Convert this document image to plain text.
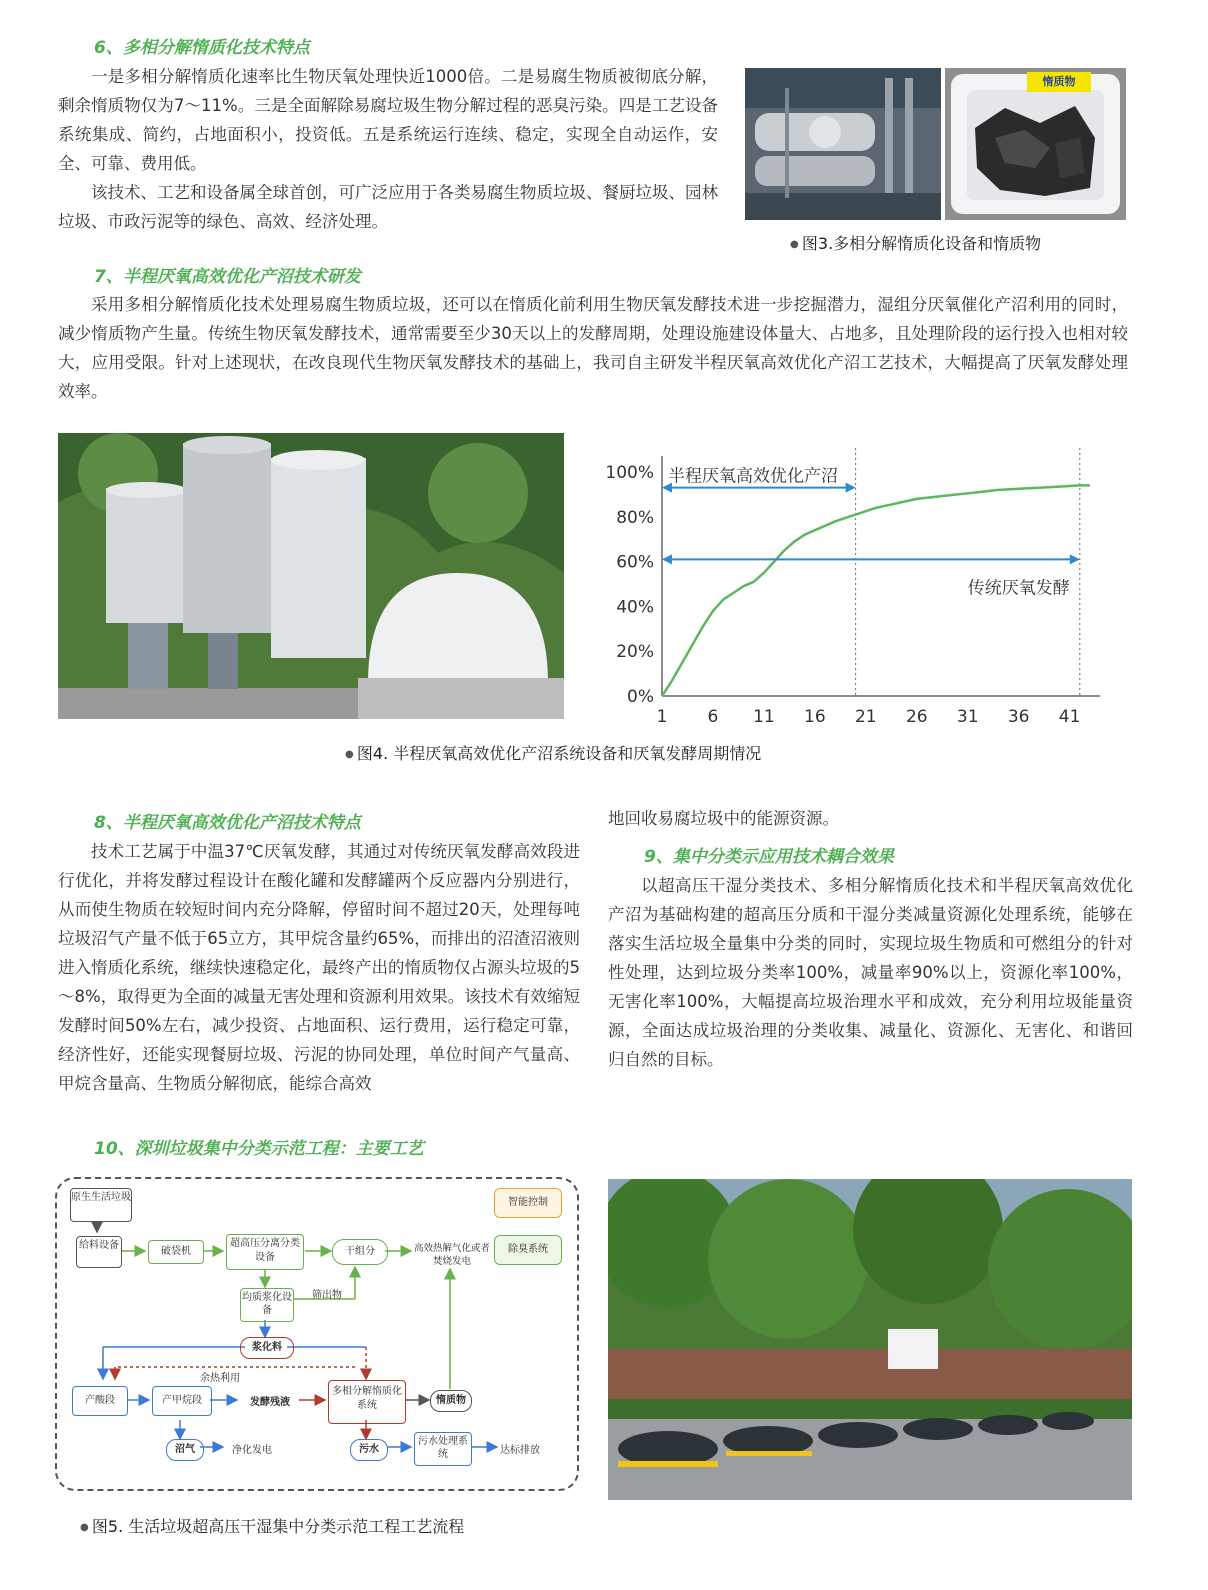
6、多相分解惰质化技术特点

一是多相分解惰质化速率比生物厌氧处理快近1000倍。二是易腐生物质被彻底分解，剩余惰质物仅为7～11%。三是全面解除易腐垃圾生物分解过程的恶臭污染。四是工艺设备系统集成、简约，占地面积小，投资低。五是系统运行连续、稳定，实现全自动运作，安全、可靠、费用低。

该技术、工艺和设备属全球首创，可广泛应用于各类易腐生物质垃圾、餐厨垃圾、园林垃圾、市政污泥等的绿色、高效、经济处理。

惰质物
● 图3.多相分解惰质化设备和惰质物
7、半程厌氧高效优化产沼技术研发

采用多相分解惰质化技术处理易腐生物质垃圾，还可以在惰质化前利用生物厌氧发酵技术进一步挖掘潜力，湿组分厌氧催化产沼利用的同时，减少惰质物产生量。传统生物厌氧发酵技术，通常需要至少30天以上的发酵周期，处理设施建设体量大、占地多，且处理阶段的运行投入也相对较大，应用受限。针对上述现状，在改良现代生物厌氧发酵技术的基础上，我司自主研发半程厌氧高效优化产沼工艺技术，大幅提高了厌氧发酵处理效率。

半程厌氧高效优化产沼
传统厌氧发酵
0%
20%
40%
60%
80%
100%
1 6 11 16 21 26 31 36 41
● 图4. 半程厌氧高效优化产沼系统设备和厌氧发酵周期情况
8、半程厌氧高效优化产沼技术特点

技术工艺属于中温37℃厌氧发酵，其通过对传统厌氧发酵高效段进行优化，并将发酵过程设计在酸化罐和发酵罐两个反应器内分别进行，从而使生物质在较短时间内充分降解，停留时间不超过20天，处理每吨垃圾沼气产量不低于65立方，其甲烷含量约65%，而排出的沼渣沼液则进入惰质化系统，继续快速稳定化，最终产出的惰质物仅占源头垃圾的5～8%，取得更为全面的减量无害处理和资源利用效果。该技术有效缩短发酵时间50%左右，减少投资、占地面积、运行费用，运行稳定可靠，经济性好，还能实现餐厨垃圾、污泥的协同处理，单位时间产气量高、甲烷含量高、生物质分解彻底，能综合高效

地回收易腐垃圾中的能源资源。

9、集中分类示应用技术耦合效果

以超高压干湿分类技术、多相分解惰质化技术和半程厌氧高效优化产沼为基础构建的超高压分质和干湿分类减量资源化处理系统，能够在落实生活垃圾全量集中分类的同时，实现垃圾生物质和可燃组分的针对性处理，达到垃圾分类率100%，减量率90%以上，资源化率100%，无害化率100%，大幅提高垃圾治理水平和成效，充分利用垃圾能量资源，全面达成垃圾治理的分类收集、减量化、资源化、无害化、和谐回归自然的目标。

10、深圳垃圾集中分类示范工程：主要工艺
原生生活垃圾
给料设备
破袋机
超高压分离分类设备
干组分	高效热解气化或者焚烧发电
均质浆化设备
筛出物
浆化料
余热利用
产酸段	产甲烷段	发酵残液
多相分解惰质化系统	惰质物
沼气	净化发电	污水
污水处理系统	达标排放
智能控制
除臭系统
● 图5. 生活垃圾超高压干湿集中分类示范工程工艺流程
